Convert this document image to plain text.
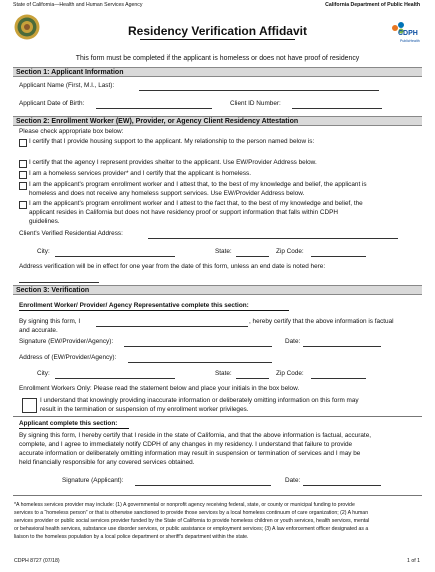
State of California—Health and Human Services Agency	California Department of Public Health
CDPH
PublicHealth
Residency Verification Affidavit
This form must be completed if the applicant is homeless or does not have proof of residency
Section 1: Applicant Information
Applicant Name (First, M.I., Last):
Applicant Date of Birth:	Client ID Number:
Section 2: Enrollment Worker (EW), Provider, or Agency Client Residency Attestation
Please check appropriate box below:
I certify that I provide housing support to the applicant. My relationship to the person named below is:
I certify that the agency I represent provides shelter to the applicant. Use EW/Provider Address below.
I am a homeless services provider* and I certify that the applicant is homeless.
I am the applicant's program enrollment worker and I attest that, to the best of my knowledge and belief, the applicant is
homeless and does not receive any homeless support services. Use EW/Provider Address below.
I am the applicant's program enrollment worker and I attest to the fact that, to the best of my knowledge and belief, the
applicant resides in California but does not have residency proof or support information that falls within CDPH
guidelines.
Client's Verified Residential Address:
City:	State:	Zip Code:
Address verification will be in effect for one year from the date of this form, unless an end date is noted here:
Section 3: Verification
Enrollment Worker/ Provider/ Agency Representative complete this section:
By signing this form, I	, hereby certify that the above information is factual
and accurate.
Signature (EW/Provider/Agency):	Date:
Address of (EW/Provider/Agency):
City:	State:	Zip Code:
Enrollment Workers Only: Please read the statement below and place your initials in the box below.
I understand that knowingly providing inaccurate information or deliberately omitting information on this form may
result in the termination or suspension of my enrollment worker privileges.
Applicant complete this section:
By signing this form, I hereby certify that I reside in the state of California, and that the above information is factual, accurate,
complete, and I agree to immediately notify CDPH of any changes in my residency. I understand that failure to provide
accurate information or deliberately omitting information may result in suspension or termination of services and I may be
held financially responsible for any covered services obtained.
Signature (Applicant):	Date:
*A homeless services provider may include: (1) A governmental or nonprofit agency receiving federal, state, or county or municipal funding to provide
services to a “homeless person” or that is otherwise sanctioned to provide those services by a local homeless continuum of care organization; (2) A human
services provider or public social services provider funded by the State of California to provide homeless children or youth services, health services, mental
or behavioral health services, substance use disorder services, or public assistance or employment services; (3) A law enforcement officer designated as a
liaison to the homeless population by a local police department or sheriff's department within the state.
CDPH 8727 (07/18)	1 of 1
